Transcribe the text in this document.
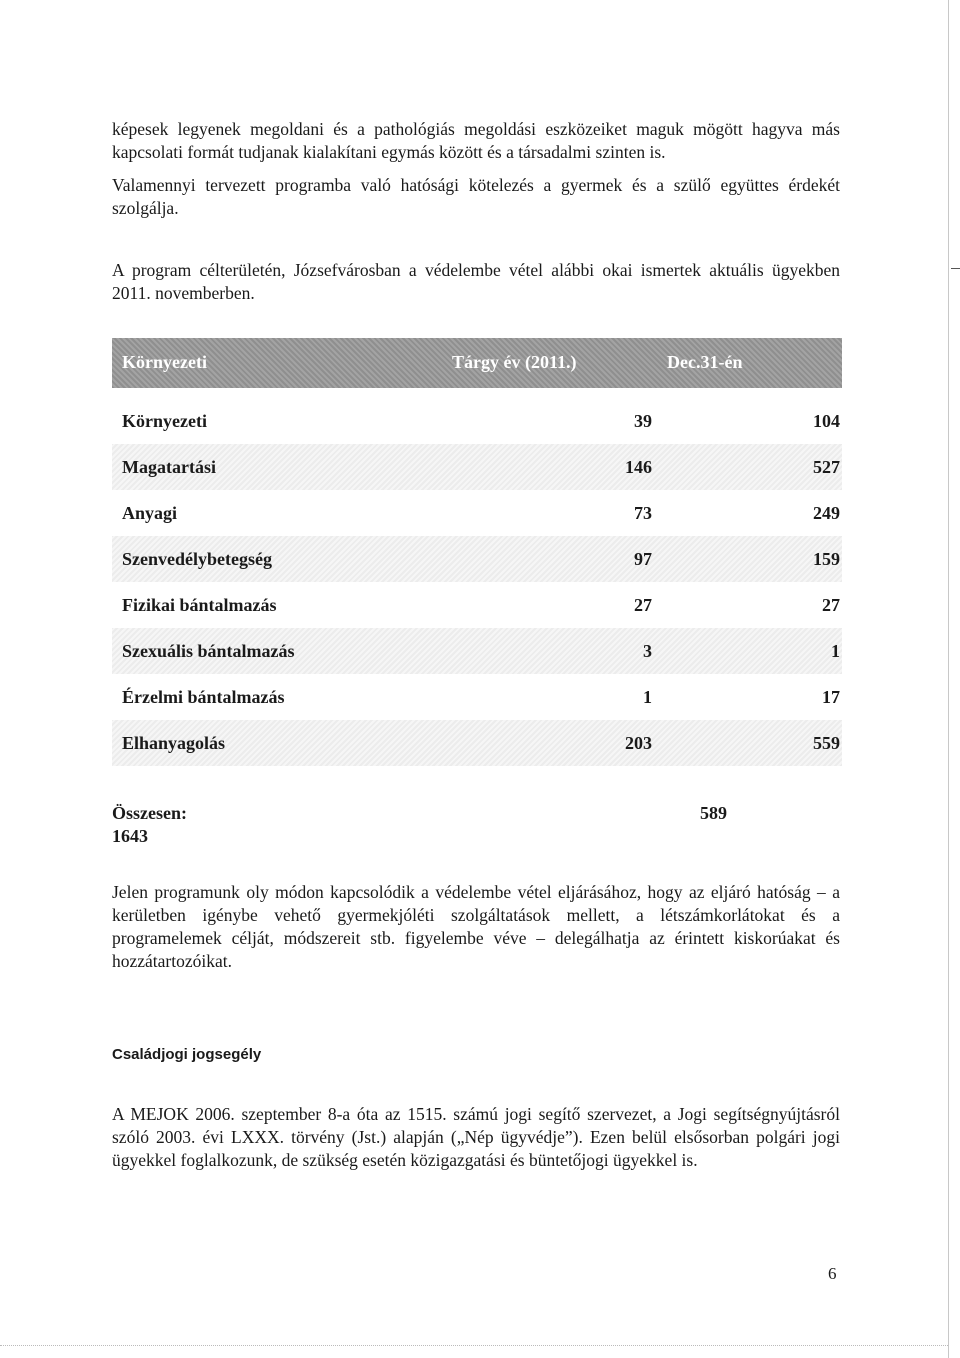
képesek legyenek megoldani és a pathológiás megoldási eszközeiket maguk mögött hagyva más kapcsolati formát tudjanak kialakítani egymás között és a társadalmi szinten is.

Valamennyi tervezett programba való hatósági kötelezés a gyermek és a szülő együttes érdekét szolgálja.

A program célterületén, Józsefvárosban a védelembe vétel alábbi okai ismertek aktuális ügyekben 2011. novemberben.

Környezeti	Tárgy év (2011.)	Dec.31-én
Környezeti	39	104
Magatartási	146	527
Anyagi	73	249
Szenvedélybetegség	97	159
Fizikai bántalmazás	27	27
Szexuális bántalmazás	3	1
Érzelmi bántalmazás	1	17
Elhanyagolás	203	559
Összesen:	589
1643

Jelen programunk oly módon kapcsolódik a védelembe vétel eljárásához, hogy az eljáró hatóság – a kerületben igénybe vehető gyermekjóléti szolgáltatások mellett, a létszámkorlátokat és a programelemek célját, módszereit stb. figyelembe véve – delegálhatja az érintett kiskorúakat és hozzátartozóikat.

Családjogi jogsegély

A MEJOK 2006. szeptember 8-a óta az 1515. számú jogi segítő szervezet, a Jogi segítségnyújtásról szóló 2003. évi LXXX. törvény (Jst.) alapján („Nép ügyvédje”). Ezen belül elsősorban polgári jogi ügyekkel foglalkozunk, de szükség esetén közigazgatási és büntetőjogi ügyekkel is.

6
